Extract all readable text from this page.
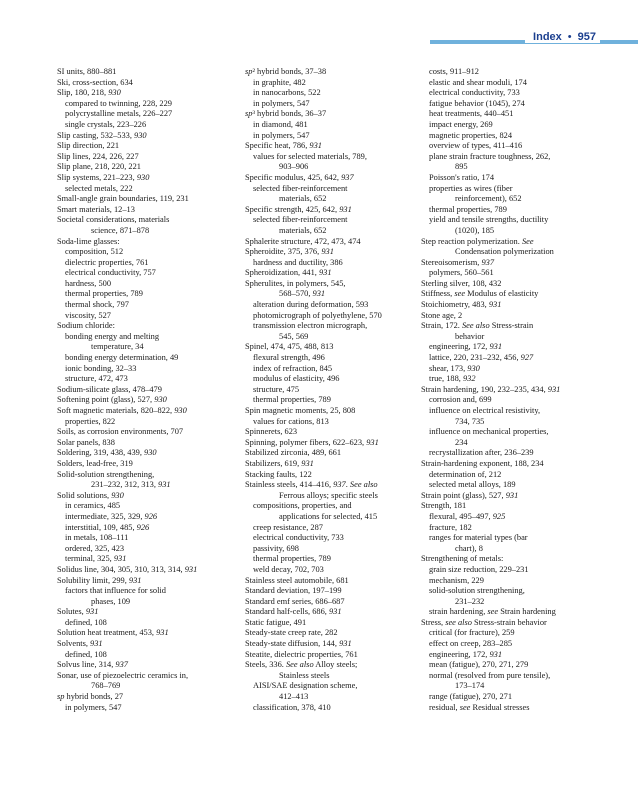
Index • 957
SI units, 880–881
Ski, cross-section, 634
Slip, 180, 218, 930
compared to twinning, 228, 229
polycrystalline metals, 226–227
single crystals, 223–226
Slip casting, 532–533, 930
Slip direction, 221
Slip lines, 224, 226, 227
Slip plane, 218, 220, 221
Slip systems, 221–223, 930
selected metals, 222
Small-angle grain boundaries, 119, 231
Smart materials, 12–13
Societal considerations, materials
science, 871–878
Soda-lime glasses:
composition, 512
dielectric properties, 761
electrical conductivity, 757
hardness, 500
thermal properties, 789
thermal shock, 797
viscosity, 527
Sodium chloride:
bonding energy and melting
temperature, 34
bonding energy determination, 49
ionic bonding, 32–33
structure, 472, 473
Sodium-silicate glass, 478–479
Softening point (glass), 527, 930
Soft magnetic materials, 820–822, 930
properties, 822
Soils, as corrosion environments, 707
Solar panels, 838
Soldering, 319, 438, 439, 930
Solders, lead-free, 319
Solid-solution strengthening,
231–232, 312, 313, 931
Solid solutions, 930
in ceramics, 485
intermediate, 325, 329, 926
interstitial, 109, 485, 926
in metals, 108–111
ordered, 325, 423
terminal, 325, 931
Solidus line, 304, 305, 310, 313, 314, 931
Solubility limit, 299, 931
factors that influence for solid
phases, 109
Solutes, 931
defined, 108
Solution heat treatment, 453, 931
Solvents, 931
defined, 108
Solvus line, 314, 937
Sonar, use of piezoelectric ceramics in,
768–769
sp hybrid bonds, 27
in polymers, 547
sp² hybrid bonds, 37–38
in graphite, 482
in nanocarbons, 522
in polymers, 547
sp³ hybrid bonds, 36–37
in diamond, 481
in polymers, 547
Specific heat, 786, 931
values for selected materials, 789,
903–906
Specific modulus, 425, 642, 937
selected fiber-reinforcement
materials, 652
Specific strength, 425, 642, 931
selected fiber-reinforcement
materials, 652
Sphalerite structure, 472, 473, 474
Spheroidite, 375, 376, 931
hardness and ductility, 386
Spheroidization, 441, 931
Spherulites, in polymers, 545,
568–570, 931
alteration during deformation, 593
photomicrograph of polyethylene, 570
transmission electron micrograph,
545, 569
Spinel, 474, 475, 488, 813
flexural strength, 496
index of refraction, 845
modulus of elasticity, 496
structure, 475
thermal properties, 789
Spin magnetic moments, 25, 808
values for cations, 813
Spinnerets, 623
Spinning, polymer fibers, 622–623, 931
Stabilized zirconia, 489, 661
Stabilizers, 619, 931
Stacking faults, 122
Stainless steels, 414–416, 937. See also
Ferrous alloys; specific steels
compositions, properties, and
applications for selected, 415
creep resistance, 287
electrical conductivity, 733
passivity, 698
thermal properties, 789
weld decay, 702, 703
Stainless steel automobile, 681
Standard deviation, 197–199
Standard emf series, 686–687
Standard half-cells, 686, 931
Static fatigue, 491
Steady-state creep rate, 282
Steady-state diffusion, 144, 931
Steatite, dielectric properties, 761
Steels, 336. See also Alloy steels;
Stainless steels
AISI/SAE designation scheme,
412–413
classification, 378, 410
costs, 911–912
elastic and shear moduli, 174
electrical conductivity, 733
fatigue behavior (1045), 274
heat treatments, 440–451
impact energy, 269
magnetic properties, 824
overview of types, 411–416
plane strain fracture toughness, 262,
895
Poisson's ratio, 174
properties as wires (fiber
reinforcement), 652
thermal properties, 789
yield and tensile strengths, ductility
(1020), 185
Step reaction polymerization. See
Condensation polymerization
Stereoisomerism, 937
polymers, 560–561
Sterling silver, 108, 432
Stiffness, see Modulus of elasticity
Stoichiometry, 483, 931
Stone age, 2
Strain, 172. See also Stress-strain
behavior
engineering, 172, 931
lattice, 220, 231–232, 456, 927
shear, 173, 930
true, 188, 932
Strain hardening, 190, 232–235, 434, 931
corrosion and, 699
influence on electrical resistivity,
734, 735
influence on mechanical properties,
234
recrystallization after, 236–239
Strain-hardening exponent, 188, 234
determination of, 212
selected metal alloys, 189
Strain point (glass), 527, 931
Strength, 181
flexural, 495–497, 925
fracture, 182
ranges for material types (bar
chart), 8
Strengthening of metals:
grain size reduction, 229–231
mechanism, 229
solid-solution strengthening,
231–232
strain hardening, see Strain hardening
Stress, see also Stress-strain behavior
critical (for fracture), 259
effect on creep, 283–285
engineering, 172, 931
mean (fatigue), 270, 271, 279
normal (resolved from pure tensile),
173–174
range (fatigue), 270, 271
residual, see Residual stresses
